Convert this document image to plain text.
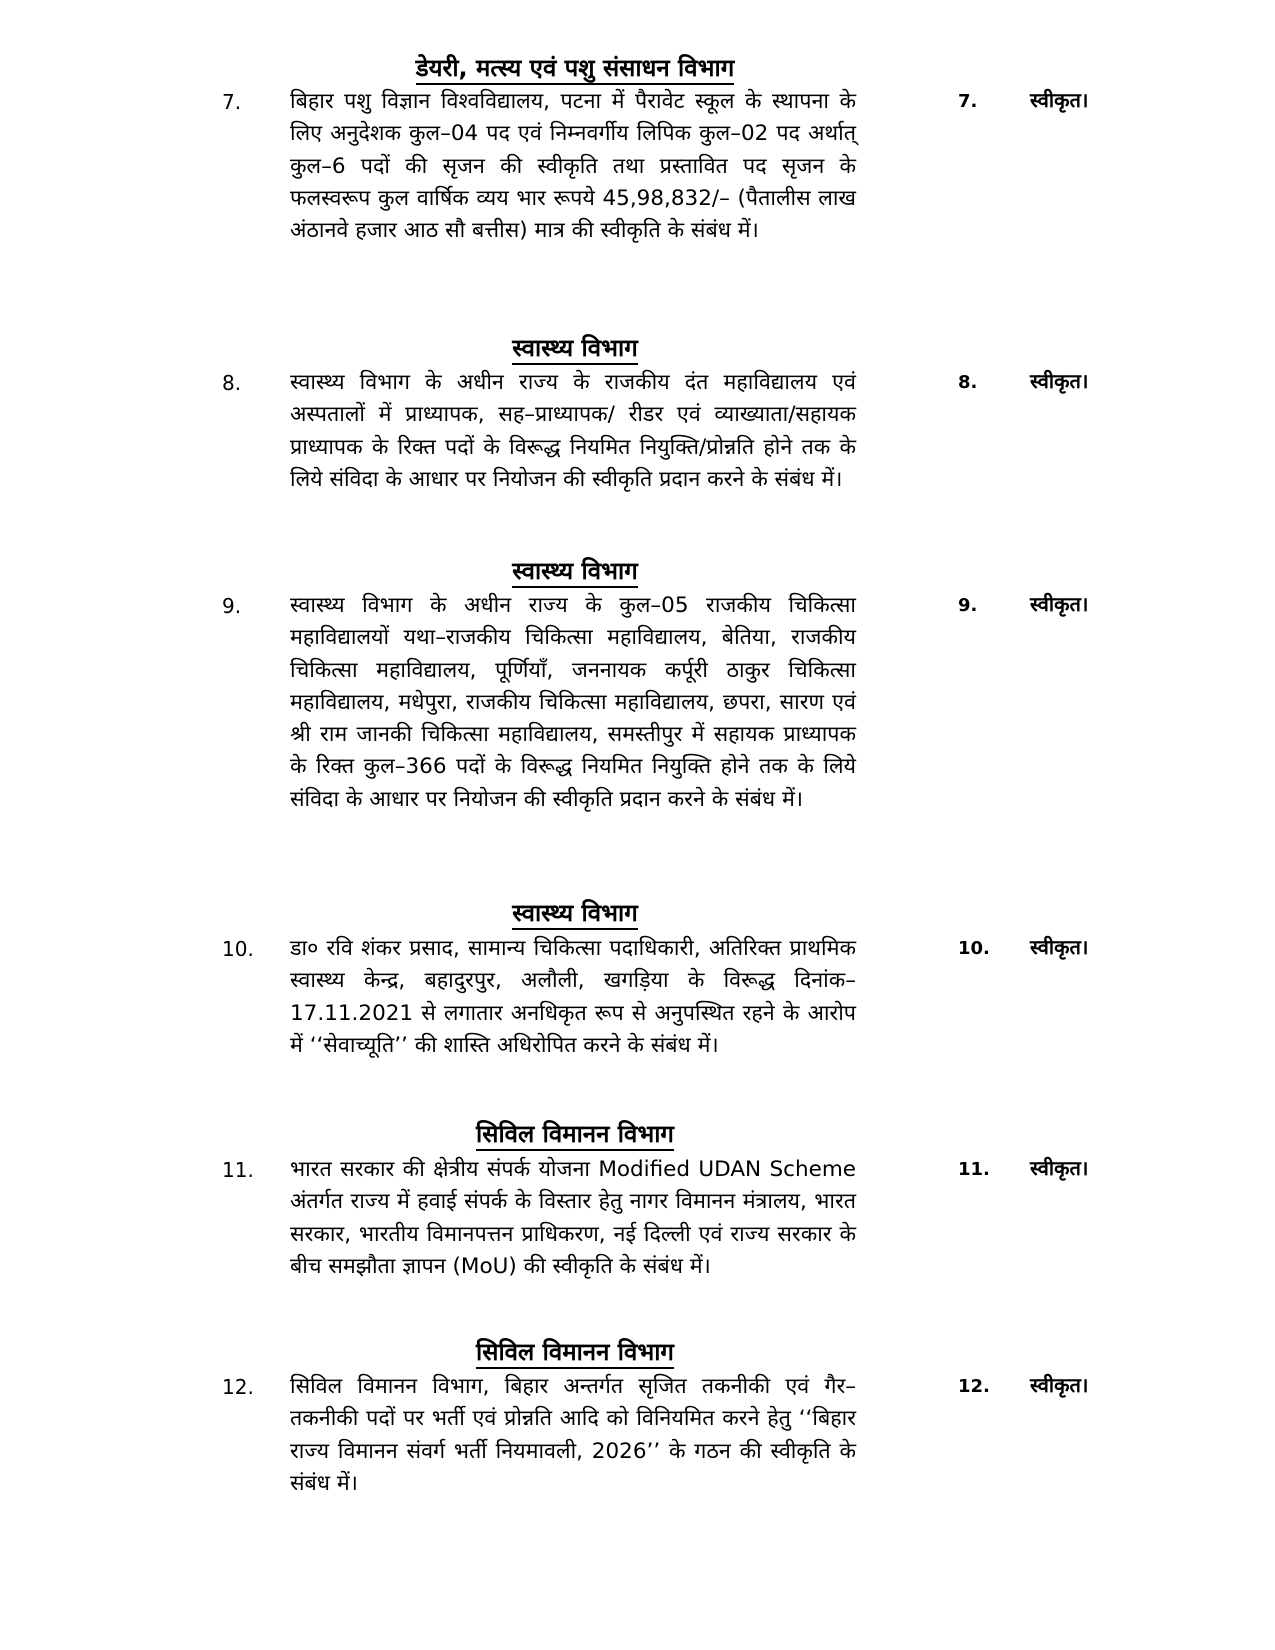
डेयरी, मत्स्य एवं पशु संसाधन विभाग
7. बिहार पशु विज्ञान विश्वविद्यालय, पटना में पैरावेट स्कूल के स्थापना के लिए अनुदेशक कुल–04 पद एवं निम्नवर्गीय लिपिक कुल–02 पद अर्थात् कुल–6 पदों की सृजन की स्वीकृति तथा प्रस्तावित पद सृजन के फलस्वरूप कुल वार्षिक व्यय भार रूपये 45,98,832/– (पैतालीस लाख अंठानवे हजार आठ सौ बत्तीस) मात्र की स्वीकृति के संबंध में।
7.	स्वीकृत।
स्वास्थ्य विभाग
8. स्वास्थ्य विभाग के अधीन राज्य के राजकीय दंत महाविद्यालय एवं अस्पतालों में प्राध्यापक, सह–प्राध्यापक/ रीडर एवं व्याख्याता/सहायक प्राध्यापक के रिक्त पदों के विरूद्ध नियमित नियुक्ति/प्रोन्नति होने तक के लिये संविदा के आधार पर नियोजन की स्वीकृति प्रदान करने के संबंध में।
8.	स्वीकृत।
स्वास्थ्य विभाग
9. स्वास्थ्य विभाग के अधीन राज्य के कुल–05 राजकीय चिकित्सा महाविद्यालयों यथा–राजकीय चिकित्सा महाविद्यालय, बेतिया, राजकीय चिकित्सा महाविद्यालय, पूर्णियाँ, जननायक कर्पूरी ठाकुर चिकित्सा महाविद्यालय, मधेपुरा, राजकीय चिकित्सा महाविद्यालय, छपरा, सारण एवं श्री राम जानकी चिकित्सा महाविद्यालय, समस्तीपुर में सहायक प्राध्यापक के रिक्त कुल–366 पदों के विरूद्ध नियमित नियुक्ति होने तक के लिये संविदा के आधार पर नियोजन की स्वीकृति प्रदान करने के संबंध में।
9.	स्वीकृत।
स्वास्थ्य विभाग
10. डा० रवि शंकर प्रसाद, सामान्य चिकित्सा पदाधिकारी, अतिरिक्त प्राथमिक स्वास्थ्य केन्द्र, बहादुरपुर, अलौली, खगड़िया के विरूद्ध दिनांक–17.11.2021 से लगातार अनधिकृत रूप से अनुपस्थित रहने के आरोप में ‘‘सेवाच्यूति’’ की शास्ति अधिरोपित करने के संबंध में।
10. स्वीकृत।
सिविल विमानन विभाग
11. भारत सरकार की क्षेत्रीय संपर्क योजना Modified UDAN Scheme अंतर्गत राज्य में हवाई संपर्क के विस्तार हेतु नागर विमानन मंत्रालय, भारत सरकार, भारतीय विमानपत्तन प्राधिकरण, नई दिल्ली एवं राज्य सरकार के बीच समझौता ज्ञापन (MoU) की स्वीकृति के संबंध में।
11. स्वीकृत।
सिविल विमानन विभाग
12. सिविल विमानन विभाग, बिहार अन्तर्गत सृजित तकनीकी एवं गैर–तकनीकी पदों पर भर्ती एवं प्रोन्नति आदि को विनियमित करने हेतु ‘‘बिहार राज्य विमानन संवर्ग भर्ती नियमावली, 2026’’ के गठन की स्वीकृति के संबंध में।
12. स्वीकृत।
